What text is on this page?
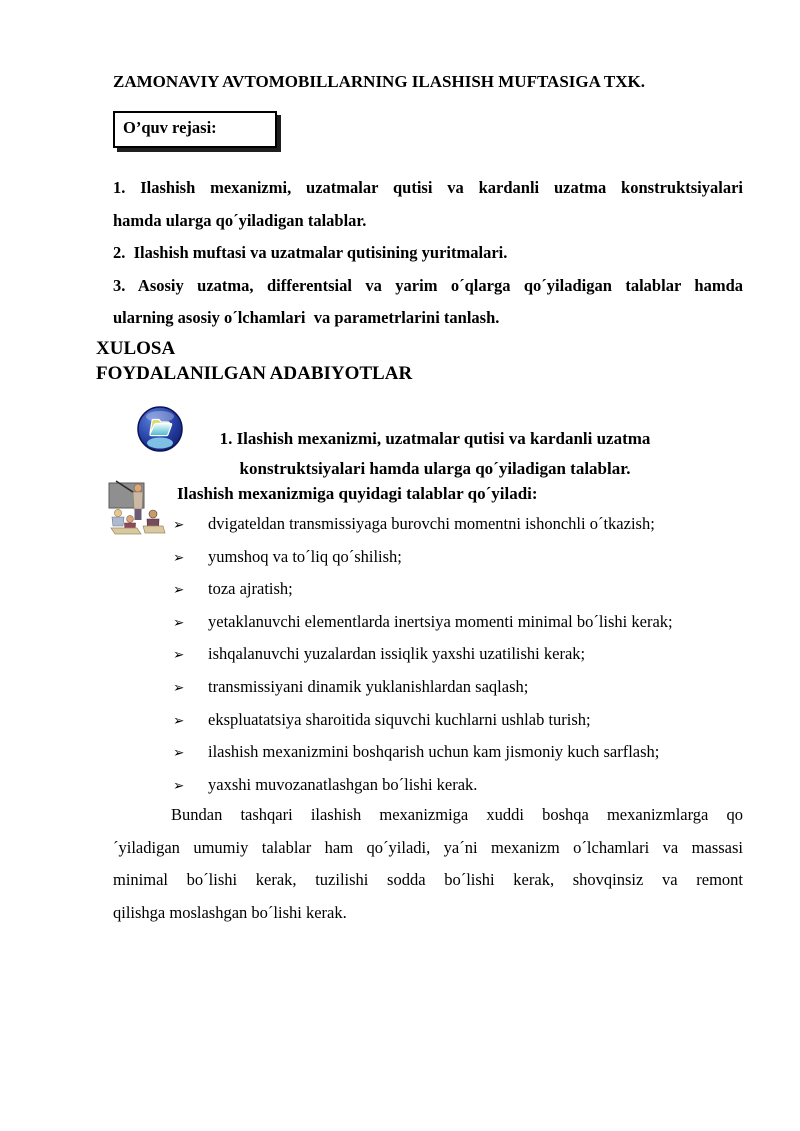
ZAMONAVIY AVTOMOBILLARNING ILASHISH MUFTASIGA TXK.
O’quv rejasi:
1. Ilashish mexanizmi, uzatmalar qutisi va kardanli uzatma konstruktsiyalari
hamda ularga qo´yiladigan talablar.
2.  Ilashish muftasi va uzatmalar qutisining yuritmalari.
3. Asosiy uzatma, differentsial va yarim o´qlarga qo´yiladigan talablar hamda
ularning asosiy o´lchamlari  va parametrlarini tanlash.
XULOSA
FOYDALANILGAN ADABIYOTLAR
1. Ilashish mexanizmi, uzatmalar qutisi va kardanli uzatma
konstruktsiyalari hamda ularga qo´yiladigan talablar.
Ilashish mexanizmiga quyidagi talablar qo´yiladi:
➢	dvigateldan transmissiyaga burovchi momentni ishonchli o´tkazish;
➢	yumshoq va to´liq qo´shilish;
➢	toza ajratish;
➢	yetaklanuvchi elementlarda inertsiya momenti minimal bo´lishi kerak;
➢	ishqalanuvchi yuzalardan issiqlik yaxshi uzatilishi kerak;
➢	transmissiyani dinamik yuklanishlardan saqlash;
➢	ekspluatatsiya sharoitida siquvchi kuchlarni ushlab turish;
➢	ilashish mexanizmini boshqarish uchun kam jismoniy kuch sarflash;
➢	yaxshi muvozanatlashgan bo´lishi kerak.
Bundan tashqari ilashish mexanizmiga xuddi boshqa mexanizmlarga qo
´yiladigan umumiy talablar ham qo´yiladi, ya´ni mexanizm o´lchamlari va massasi
minimal bo´lishi kerak, tuzilishi sodda bo´lishi kerak, shovqinsiz va remont
qilishga moslashgan bo´lishi kerak.
